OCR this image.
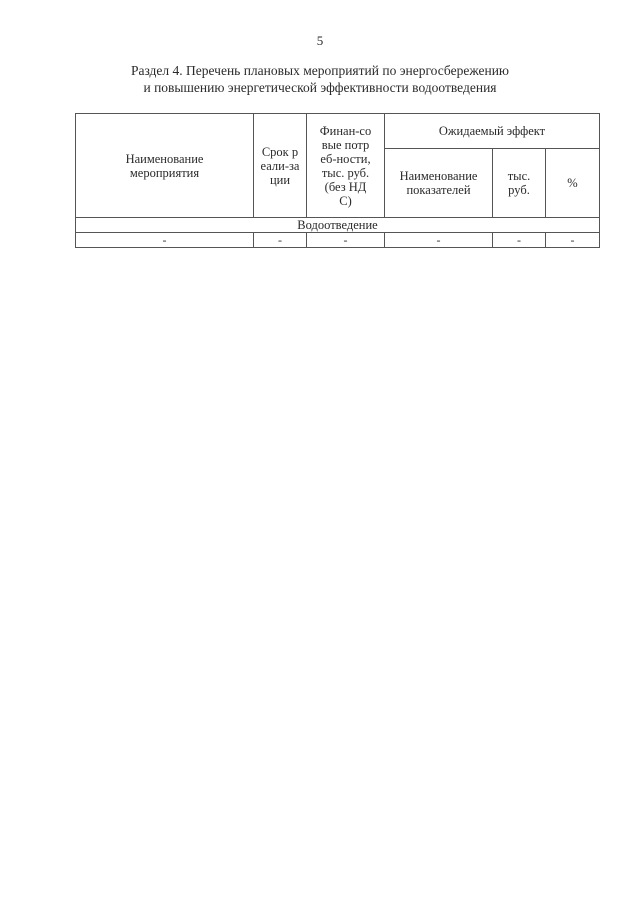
5
Раздел 4. Перечень плановых мероприятий по энергосбережению
и повышению энергетической эффективности водоотведения
Наименование мероприятия	Срок реали-зации	Финан-совые потреб-ности, тыс. руб. (без НДС)	Ожидаемый эффект		
			Наименование показателей	тыс. руб.	%
Водоотведение					
-	-	-	-	-	-
